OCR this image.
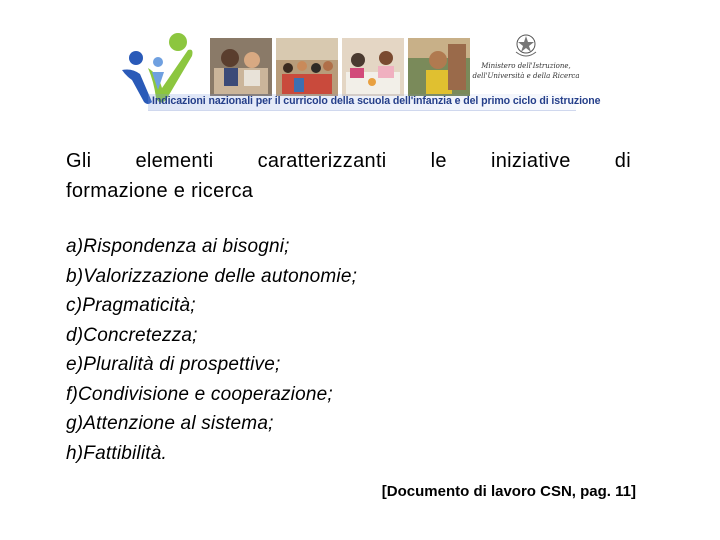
Ministero dell'Istruzione,
dell'Università e della Ricerca
Indicazioni nazionali per il curricolo della scuola dell'infanzia e del primo ciclo di istruzione
Gli elementi caratterizzanti le iniziative di
formazione e ricerca
a)Rispondenza ai bisogni;
b)Valorizzazione delle autonomie;
c)Pragmaticità;
d)Concretezza;
e)Pluralità di prospettive;
f)Condivisione e cooperazione;
g)Attenzione al sistema;
h)Fattibilità.
[Documento di lavoro CSN, pag. 11]
